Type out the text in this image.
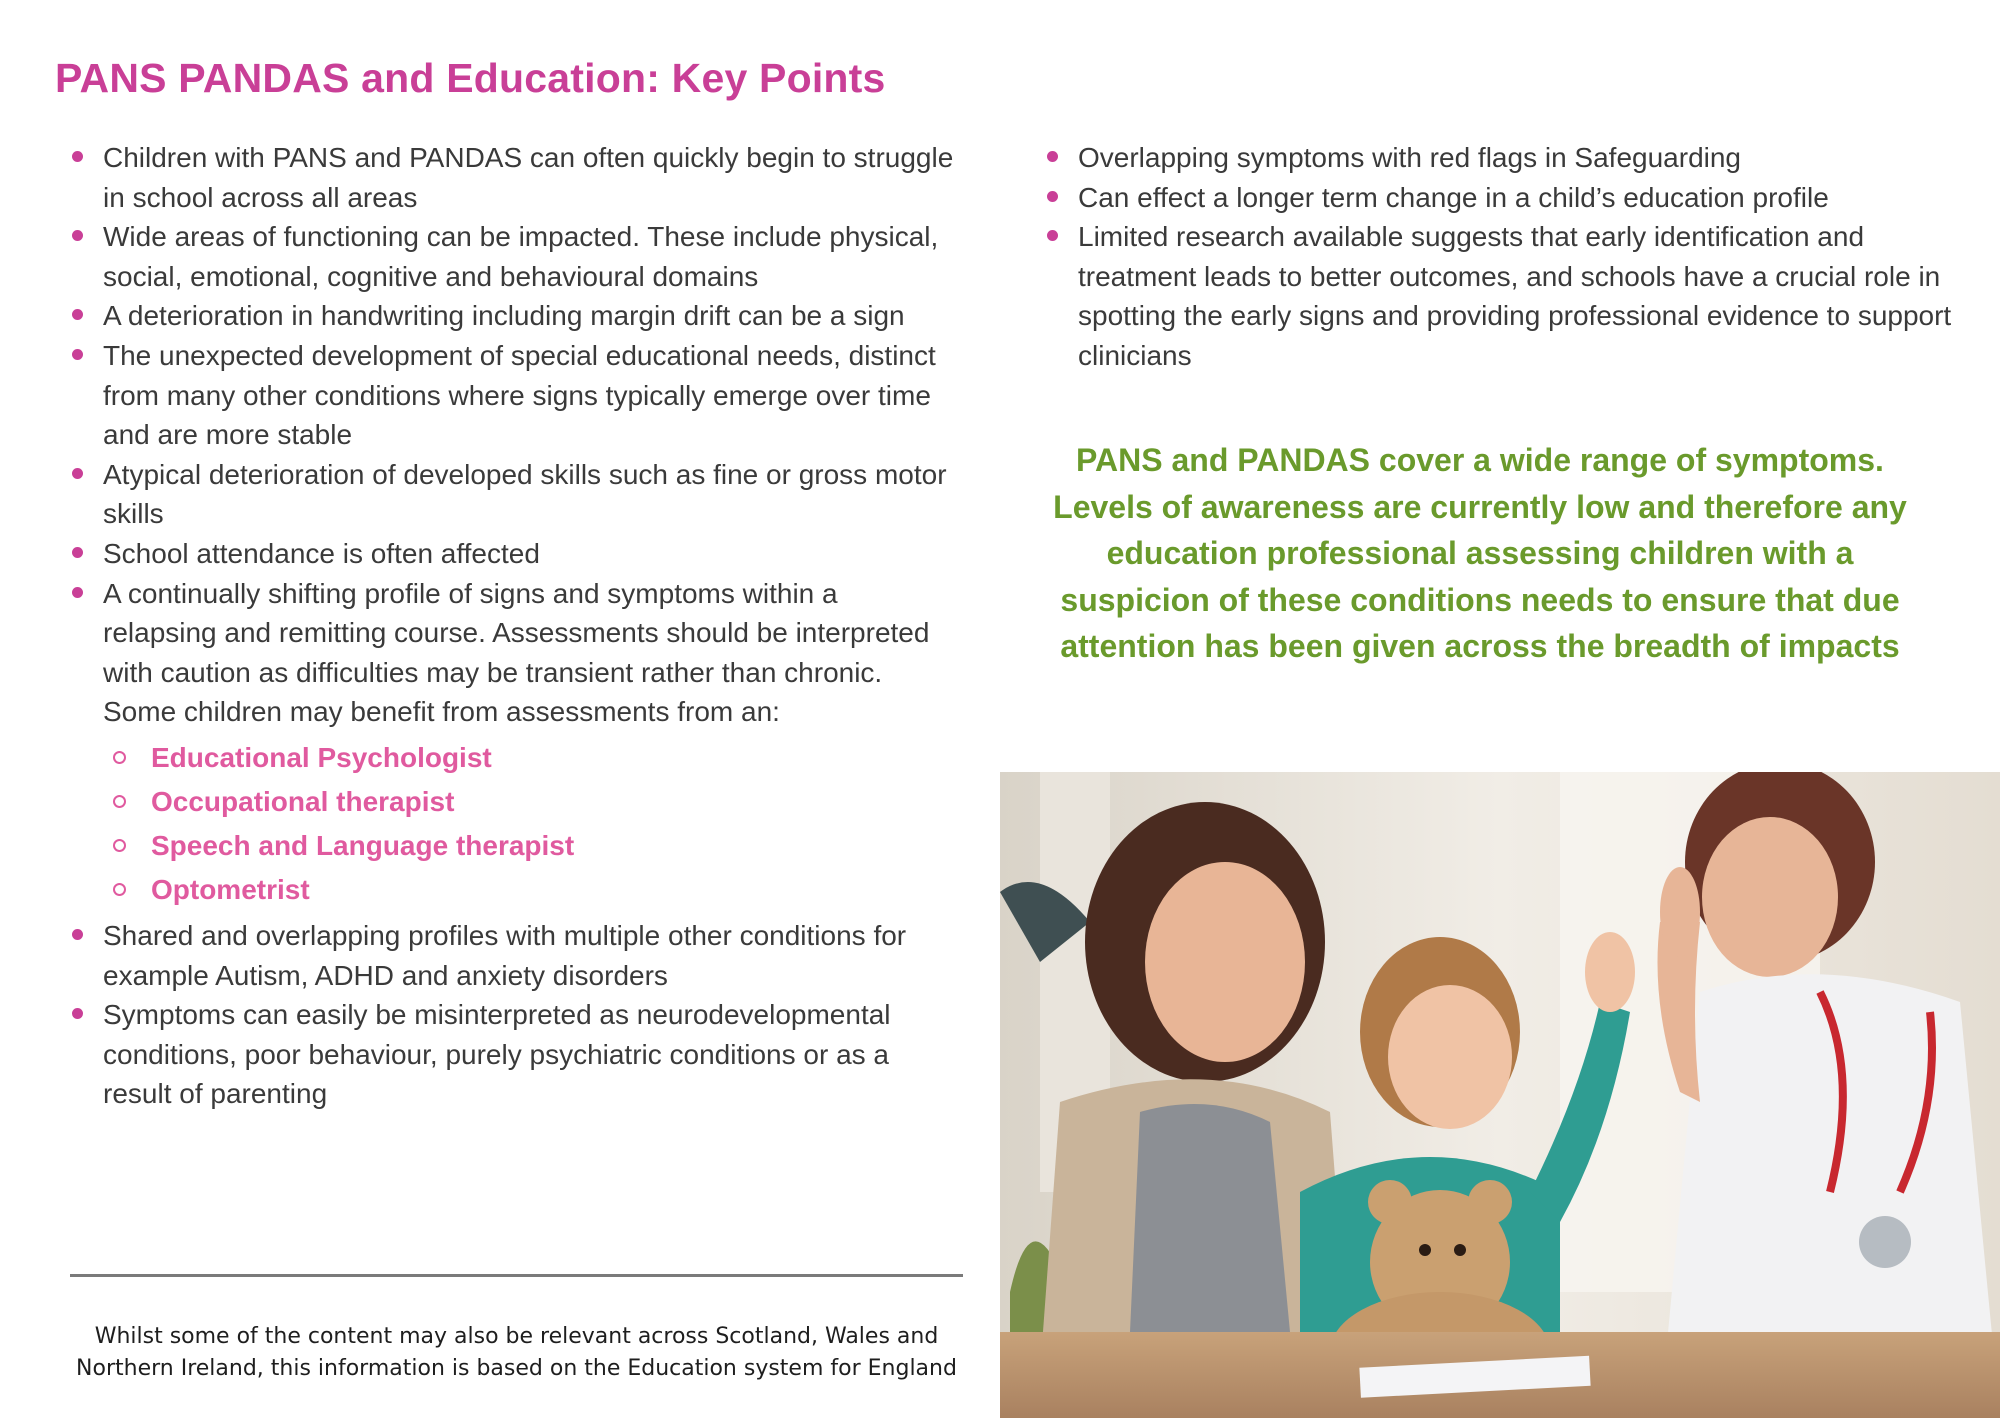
PANS PANDAS and Education: Key Points
Children with PANS and PANDAS can often quickly begin to struggle in school across all areas
Wide areas of functioning can be impacted. These include physical, social, emotional, cognitive and behavioural domains
A deterioration in handwriting including margin drift can be a sign
The unexpected development of special educational needs, distinct from many other conditions where signs typically emerge over time and are more stable
Atypical deterioration of developed skills such as fine or gross motor skills
School attendance is often affected
A continually shifting profile of signs and symptoms within a relapsing and remitting course. Assessments should be interpreted with caution as difficulties may be transient rather than chronic. Some children may benefit from assessments from an:
Educational Psychologist
Occupational therapist
Speech and Language therapist
Optometrist
Shared and overlapping profiles with multiple other conditions for example Autism, ADHD and anxiety disorders
Symptoms can easily be misinterpreted as neurodevelopmental conditions, poor behaviour, purely psychiatric conditions or as a result of parenting
Overlapping symptoms with red flags in Safeguarding
Can effect a longer term change in a child’s education profile
Limited research available suggests that early identification and treatment leads to better outcomes, and schools have a crucial role in spotting the early signs and providing professional evidence to support clinicians

PANS and PANDAS cover a wide range of symptoms. Levels of awareness are currently low and therefore any education professional assessing children with a suspicion of these conditions needs to ensure that due attention has been given across the breadth of impacts

Whilst some of the content may also be relevant across Scotland, Wales and Northern Ireland, this information is based on the Education system for England
